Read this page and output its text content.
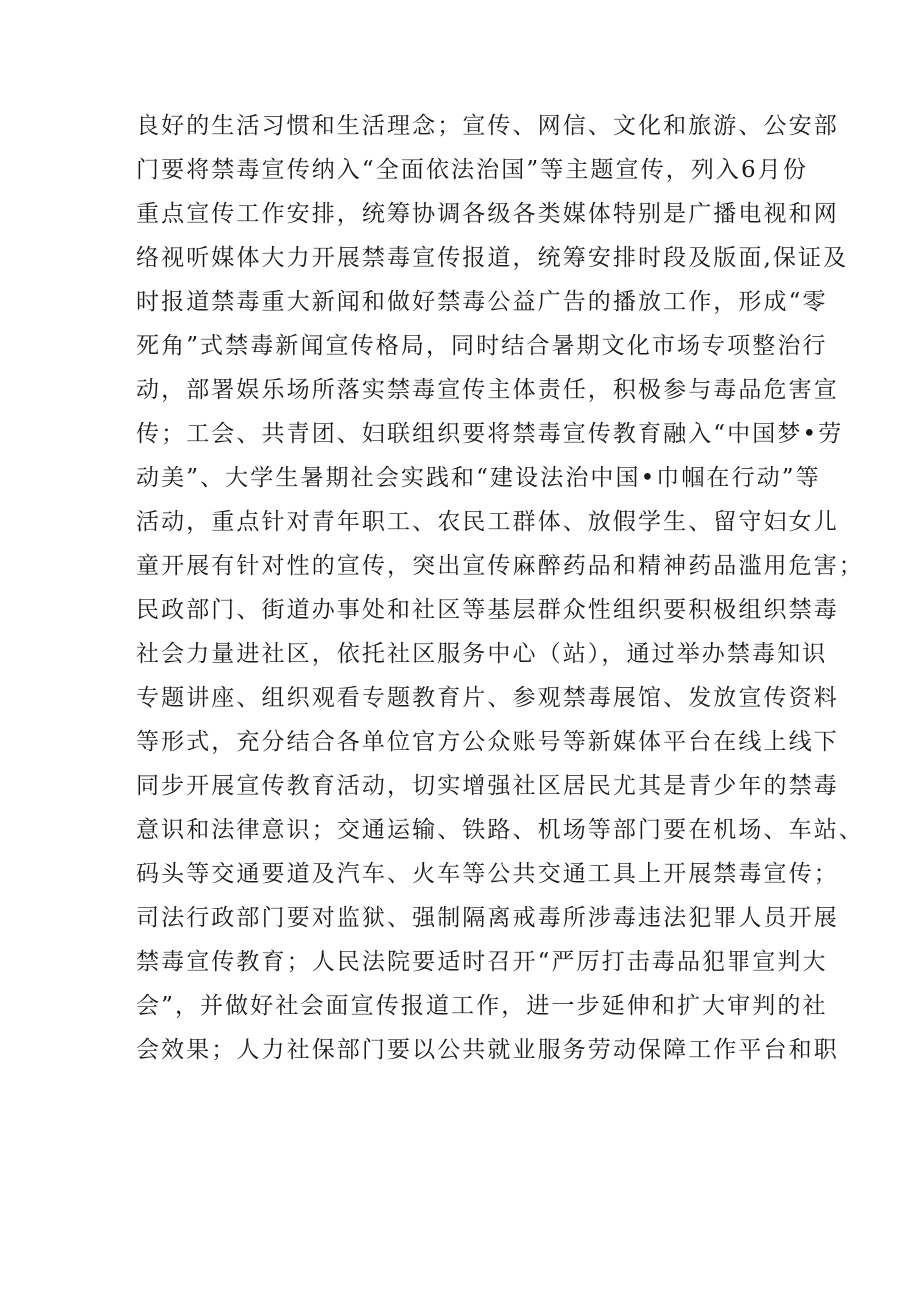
良好的生活习惯和生活理念；宣传、网信、文化和旅游、公安部
门要将禁毒宣传纳入“全面依法治国”等主题宣传，列入6月份
重点宣传工作安排，统筹协调各级各类媒体特别是广播电视和网
络视听媒体大力开展禁毒宣传报道，统筹安排时段及版面,保证及
时报道禁毒重大新闻和做好禁毒公益广告的播放工作，形成“零
死角”式禁毒新闻宣传格局，同时结合暑期文化市场专项整治行
动，部署娱乐场所落实禁毒宣传主体责任，积极参与毒品危害宣
传；工会、共青团、妇联组织要将禁毒宣传教育融入“中国梦•劳
动美”、大学生暑期社会实践和“建设法治中国•巾帼在行动”等
活动，重点针对青年职工、农民工群体、放假学生、留守妇女儿
童开展有针对性的宣传，突出宣传麻醉药品和精神药品滥用危害；
民政部门、街道办事处和社区等基层群众性组织要积极组织禁毒
社会力量进社区，依托社区服务中心（站），通过举办禁毒知识
专题讲座、组织观看专题教育片、参观禁毒展馆、发放宣传资料
等形式，充分结合各单位官方公众账号等新媒体平台在线上线下
同步开展宣传教育活动，切实增强社区居民尤其是青少年的禁毒
意识和法律意识；交通运输、铁路、机场等部门要在机场、车站、
码头等交通要道及汽车、火车等公共交通工具上开展禁毒宣传；
司法行政部门要对监狱、强制隔离戒毒所涉毒违法犯罪人员开展
禁毒宣传教育；人民法院要适时召开“严厉打击毒品犯罪宣判大
会”，并做好社会面宣传报道工作，进一步延伸和扩大审判的社
会效果；人力社保部门要以公共就业服务劳动保障工作平台和职
